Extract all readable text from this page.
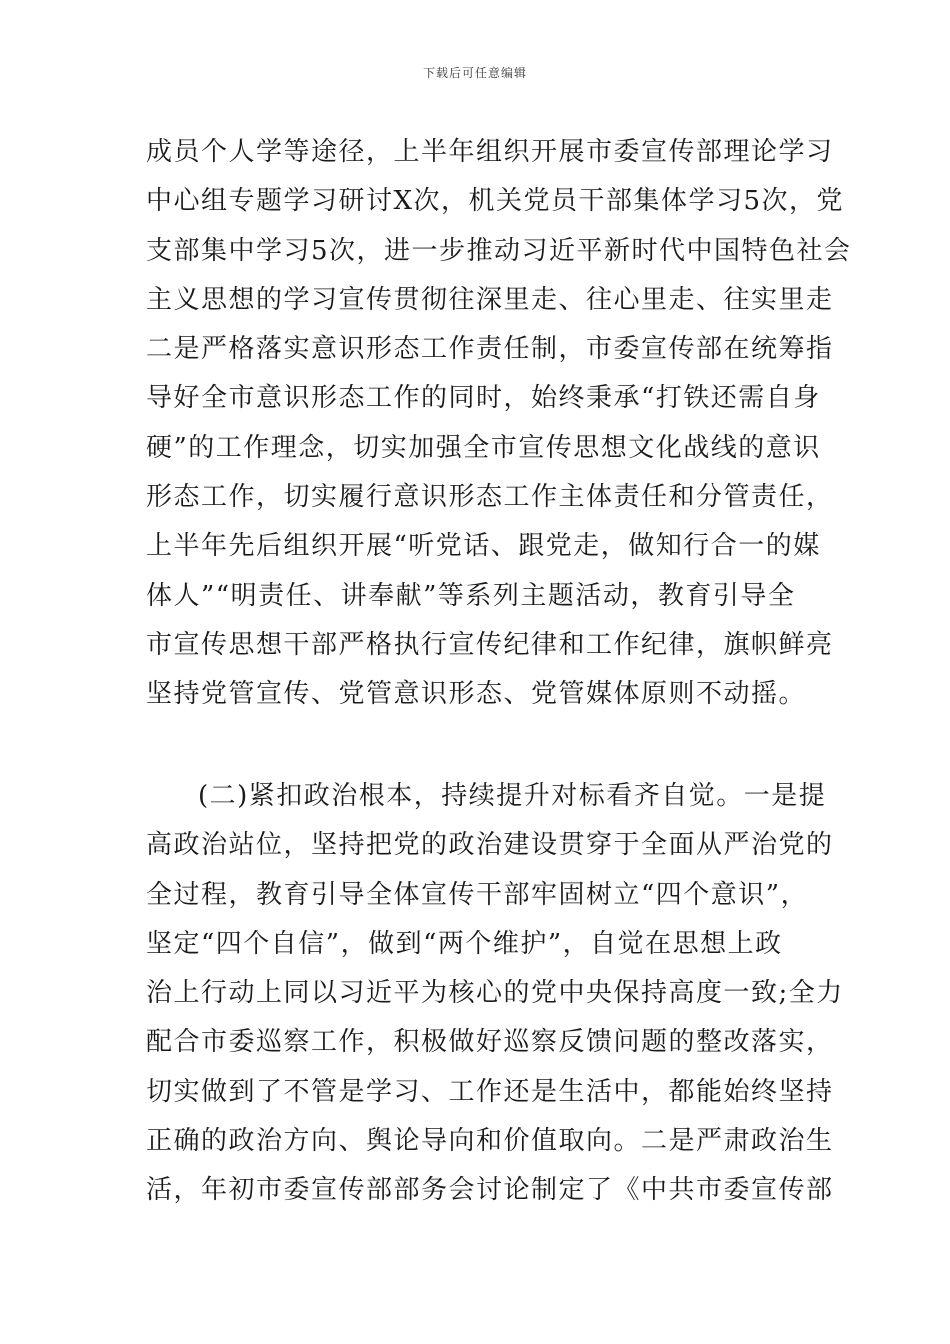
下载后可任意编辑
成员个人学等途径，上半年组织开展市委宣传部理论学习
中心组专题学习研讨X次，机关党员干部集体学习5次，党
支部集中学习5次，进一步推动习近平新时代中国特色社会
主义思想的学习宣传贯彻往深里走、往心里走、往实里走
二是严格落实意识形态工作责任制，市委宣传部在统筹指
导好全市意识形态工作的同时，始终秉承“打铁还需自身
硬”的工作理念，切实加强全市宣传思想文化战线的意识
形态工作，切实履行意识形态工作主体责任和分管责任，
上半年先后组织开展“听党话、跟党走，做知行合一的媒
体人”“明责任、讲奉献”等系列主题活动，教育引导全
市宣传思想干部严格执行宣传纪律和工作纪律，旗帜鲜亮
坚持党管宣传、党管意识形态、党管媒体原则不动摇。
(二)紧扣政治根本，持续提升对标看齐自觉。一是提
高政治站位，坚持把党的政治建设贯穿于全面从严治党的
全过程，教育引导全体宣传干部牢固树立“四个意识”，
坚定“四个自信”，做到“两个维护”，自觉在思想上政
治上行动上同以习近平为核心的党中央保持高度一致;全力
配合市委巡察工作，积极做好巡察反馈问题的整改落实，
切实做到了不管是学习、工作还是生活中，都能始终坚持
正确的政治方向、舆论导向和价值取向。二是严肃政治生
活，年初市委宣传部部务会讨论制定了《中共市委宣传部
